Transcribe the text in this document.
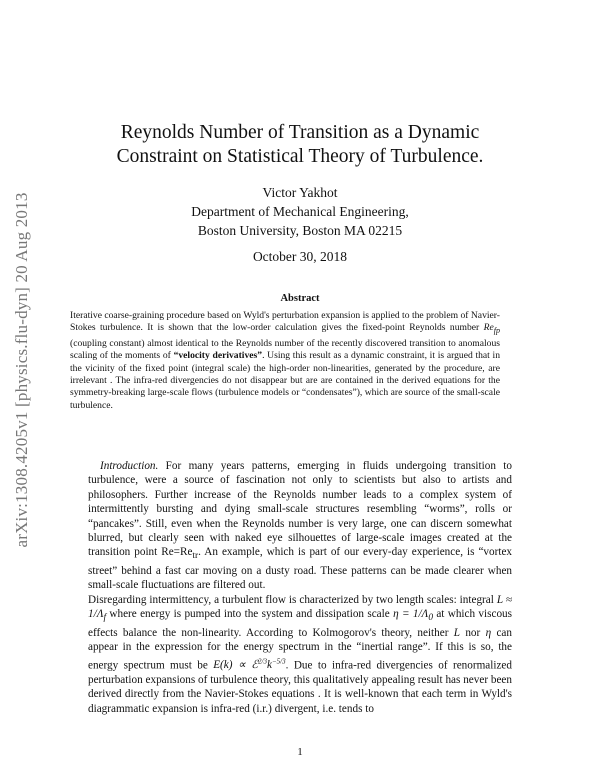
arXiv:1308.4205v1 [physics.flu-dyn] 20 Aug 2013
Reynolds Number of Transition as a Dynamic
Constraint on Statistical Theory of Turbulence.
Victor Yakhot
Department of Mechanical Engineering,
Boston University, Boston MA 02215
October 30, 2018
Abstract
Iterative coarse-graining procedure based on Wyld's perturbation expansion is applied to the problem of Navier-Stokes turbulence. It is shown that the low-order calculation gives the fixed-point Reynolds number $Re_{fp}$ (coupling constant) almost identical to the Reynolds number of the recently discovered transition to anomalous scaling of the moments of “velocity derivatives”. Using this result as a dynamic constraint, it is argued that in the vicinity of the fixed point (integral scale) the high-order non-linearities, generated by the procedure, are irrelevant . The infra-red divergencies do not disappear but are are contained in the derived equations for the symmetry-breaking large-scale flows (turbulence models or “condensates”), which are source of the small-scale turbulence.

Introduction. For many years patterns, emerging in fluids undergoing transition to turbulence, were a source of fascination not only to scientists but also to artists and philosophers. Further increase of the Reynolds number leads to a complex system of intermittently bursting and dying small-scale structures resembling “worms”, rolls or “pancakes”. Still, even when the Reynolds number is very large, one can discern somewhat blurred, but clearly seen with naked eye silhouettes of large-scale images created at the transition point $Re=Re_{tr}$. An example, which is part of our every-day experience, is “vortex street” behind a fast car moving on a dusty road. These patterns can be made clearer when small-scale fluctuations are filtered out.

Disregarding intermittency, a turbulent flow is characterized by two length scales: integral $L \approx 1/\Lambda_f$ where energy is pumped into the system and dissipation scale $\eta = 1/\Lambda_0$ at which viscous effects balance the non-linearity. According to Kolmogorov's theory, neither L nor η can appear in the expression for the energy spectrum in the “inertial range”. If this is so, the energy spectrum must be $E(k) \propto ℰ^{2/3}k^{-5/3}$. Due to infra-red divergencies of renormalized perturbation expansions of turbulence theory, this qualitatively appealing result has never been derived directly from the Navier-Stokes equations . It is well-known that each term in Wyld's diagrammatic expansion is infra-red (i.r.) divergent, i.e. tends to

1
